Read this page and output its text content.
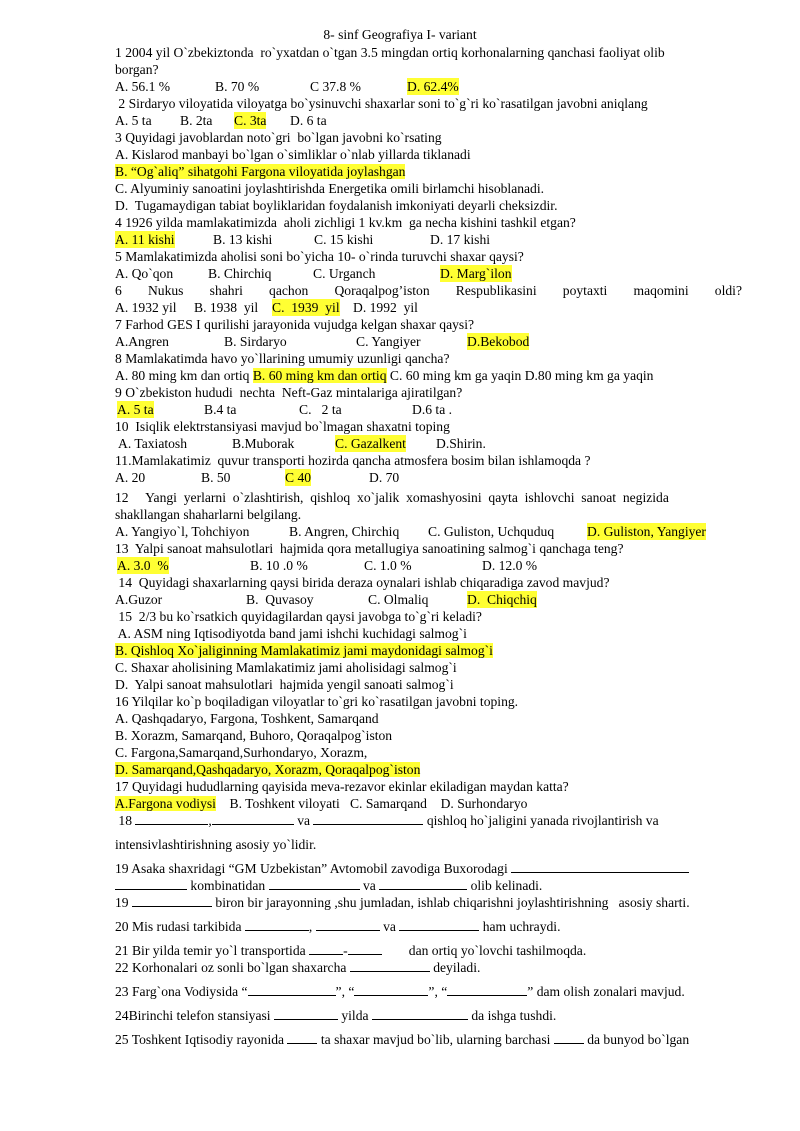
8- sinf Geografiya I- variant
1 2004 yil O`zbekiztonda  ro`yxatdan o`tgan 3.5 mingdan ortiq korhonalarning qanchasi faoliyat olib
borgan?

A. 56.1 %

	B. 70 %

	C 37.8 %

	D. 62.4%

2 Sirdaryo viloyatida viloyatga bo`ysinuvchi shaxarlar soni to`g`ri ko`rasatilgan javobni aniqlang

A. 5 ta

B. 2ta

C. 3ta

D. 6 ta

3 Quyidagi javoblardan noto`gri  bo`lgan javobni ko`rsating
A. Kislarod manbayi bo`lgan o`simliklar o`nlab yillarda tiklanadi
B. “Og`aliq” sihatgohi Fargona viloyatida joylashgan
C. Alyuminiy sanoatini joylashtirishda Energetika omili birlamchi hisoblanadi.
D.  Tugamaydigan tabiat boyliklaridan foydalanish imkoniyati deyarli cheksizdir.
4 1926 yilda mamlakatimizda  aholi zichligi 1 kv.km  ga necha kishini tashkil etgan?

A. 11 kishi

	B. 13 kishi

	C. 15 kishi

	D. 17 kishi

5 Mamlakatimizda aholisi soni bo`yicha 10- o`rinda turuvchi shaxar qaysi?

A. Qo`qon

	B. Chirchiq

	C. Urganch

	D. Marg`ilon

6 Nukus shahri qachon Qoraqalpog’iston Respublikasini poytaxti maqomini oldi?

A. 1932 yil

B. 1938  yil

C.  1939  yil

D. 1992  yil

7 Farhod GES I qurilishi jarayonida vujudga kelgan shaxar qaysi?

A.Angren

	B. Sirdaryo

	C. Yangiyer

	D.Bekobod

8 Mamlakatimda havo yo`llarining umumiy uzunligi qancha?
A. 80 ming km dan ortiq B. 60 ming km dan ortiq C. 60 ming km ga yaqin D.80 ming km ga yaqin
9 O`zbekiston hududi  nechta  Neft-Gaz mintalariga ajiratilgan?

A. 5 ta

	B.4 ta

	C.   2 ta

	D.6 ta .

10  Isiqlik elektrstansiyasi mavjud bo`lmagan shaxatni toping

A. Taxiatosh

	B.Muborak

	C. Gazalkent

D.Shirin.

11.Mamlakatimiz  quvur transporti hozirda qancha atmosfera bosim bilan ishlamoqda ?

A. 20

	B. 50

	C 40

	D. 70

12     Yangi  yerlarni  o`zlashtirish,  qishloq  xo`jalik  xomashyosini  qayta  ishlovchi  sanoat  negizida
shakllangan shaharlarni belgilang.

A. Yangiyo`l, Tohchiyon

	B. Angren, Chirchiq

C. Guliston, Uchquduq

D. Guliston, Yangiyer

13  Yalpi sanoat mahsulotlari  hajmida qora metallugiya sanoatining salmog`i qanchaga teng?

A. 3.0  %

	B. 10 .0 %

	C. 1.0 %

	D. 12.0 %

14  Quyidagi shaxarlarning qaysi birida deraza oynalari ishlab chiqaradiga zavod mavjud?

A.Guzor

	B.  Quvasoy

	C. Olmaliq

	D.  Chiqchiq

15  2/3 bu ko`rsatkich quyidagilardan qaysi javobga to`g`ri keladi?
A. ASM ning Iqtisodiyotda band jami ishchi kuchidagi salmog`i
B. Qishloq Xo`jaliginning Mamlakatimiz jami maydonidagi salmog`i
C. Shaxar aholisining Mamlakatimiz jami aholisidagi salmog`i
D.  Yalpi sanoat mahsulotlari  hajmida yengil sanoati salmog`i
16 Yilqilar ko`p boqiladigan viloyatlar to`gri ko`rasatilgan javobni toping.
A. Qashqadaryo, Fargona, Toshkent, Samarqand
B. Xorazm, Samarqand, Buhoro, Qoraqalpog`iston
C. Fargona,Samarqand,Surhondaryo, Xorazm,
D. Samarqand,Qashqadaryo, Xorazm, Qoraqalpog`iston
17 Quyidagi hududlarning qayisida meva-rezavor ekinlar ekiladigan maydan katta?
A.Fargona vodiysi B. Toshkent viloyati C. Samarqand D. Surhondaryo
18	,	va	qishloq ho`jaligini yanada rivojlantirish va
intensivlashtirishning asosiy yo`lidir.
19 Asaka shaxridagi “GM Uzbekistan” Avtomobil zavodiga Buxorodagi
kombinatidan	va	olib kelinadi.
19	biron bir jarayonning ,shu jumladan, ishlab chiqarishni joylashtirishning   asosiy sharti.
20 Mis rudasi tarkibida	,	va	ham uchraydi.
21 Bir yilda temir yo`l transportida	-	dan ortiq yo`lovchi tashilmoqda.
22 Korhonalari oz sonli bo`lgan shaxarcha	deyiladi.
23 Farg`ona Vodiysida “	”, “	”, “	” dam olish zonalari mavjud.
24Birinchi telefon stansiyasi	yilda	da ishga tushdi.
25 Toshkent Iqtisodiy rayonida  ta shaxar mavjud bo`lib, ularning barchasi  da bunyod bo`lgan
